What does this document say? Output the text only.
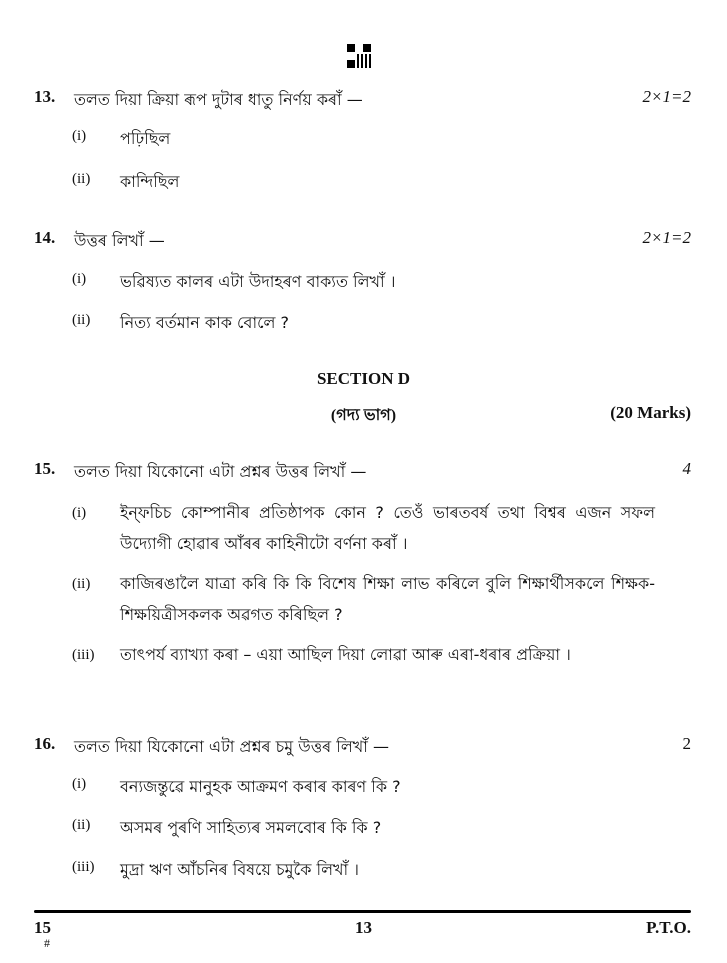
13. তলত দিয়া ক্ৰিয়া ৰূপ দুটাৰ ধাতু নিৰ্ণয় কৰাঁ —	2×1=2
(i) পঢ়িছিল
(ii) কান্দিছিল
14. উত্তৰ লিখাঁ —	2×1=2
(i) ভৱিষ্যত কালৰ এটা উদাহৰণ বাক্যত লিখাঁ ।
(ii) নিত্য বৰ্তমান কাক বোলে ?
SECTION D
(গদ্য ভাগ)	(20 Marks)
15. তলত দিয়া যিকোনো এটা প্ৰশ্নৰ উত্তৰ লিখাঁ —	4
(i) ইন্‌ফচিচ কোম্পানীৰ প্ৰতিষ্ঠাপক কোন ? তেওঁ ভাৰতবৰ্ষ তথা বিশ্বৰ এজন সফল উদ্যোগী হোৱাৰ আঁৰৰ কাহিনীটো বৰ্ণনা কৰাঁ ।
(ii) কাজিৰঙালৈ যাত্ৰা কৰি কি কি বিশেষ শিক্ষা লাভ কৰিলে বুলি শিক্ষাৰ্থীসকলে শিক্ষক-শিক্ষয়িত্ৰীসকলক অৱগত কৰিছিল ?
(iii) তাৎপৰ্য ব্যাখ্যা কৰা – এয়া আছিল দিয়া লোৱা আৰু এৰা-ধৰাৰ প্ৰক্ৰিয়া ।
16. তলত দিয়া যিকোনো এটা প্ৰশ্নৰ চমু উত্তৰ লিখাঁ —	2
(i) বন্যজন্তুৱে মানুহক আক্ৰমণ কৰাৰ কাৰণ কি ?
(ii) অসমৰ পুৰণি সাহিত্যৰ সমলবোৰ কি কি ?
(iii) মুদ্ৰা ঋণ আঁচনিৰ বিষয়ে চমুকৈ লিখাঁ ।
15
#
13	P.T.O.
